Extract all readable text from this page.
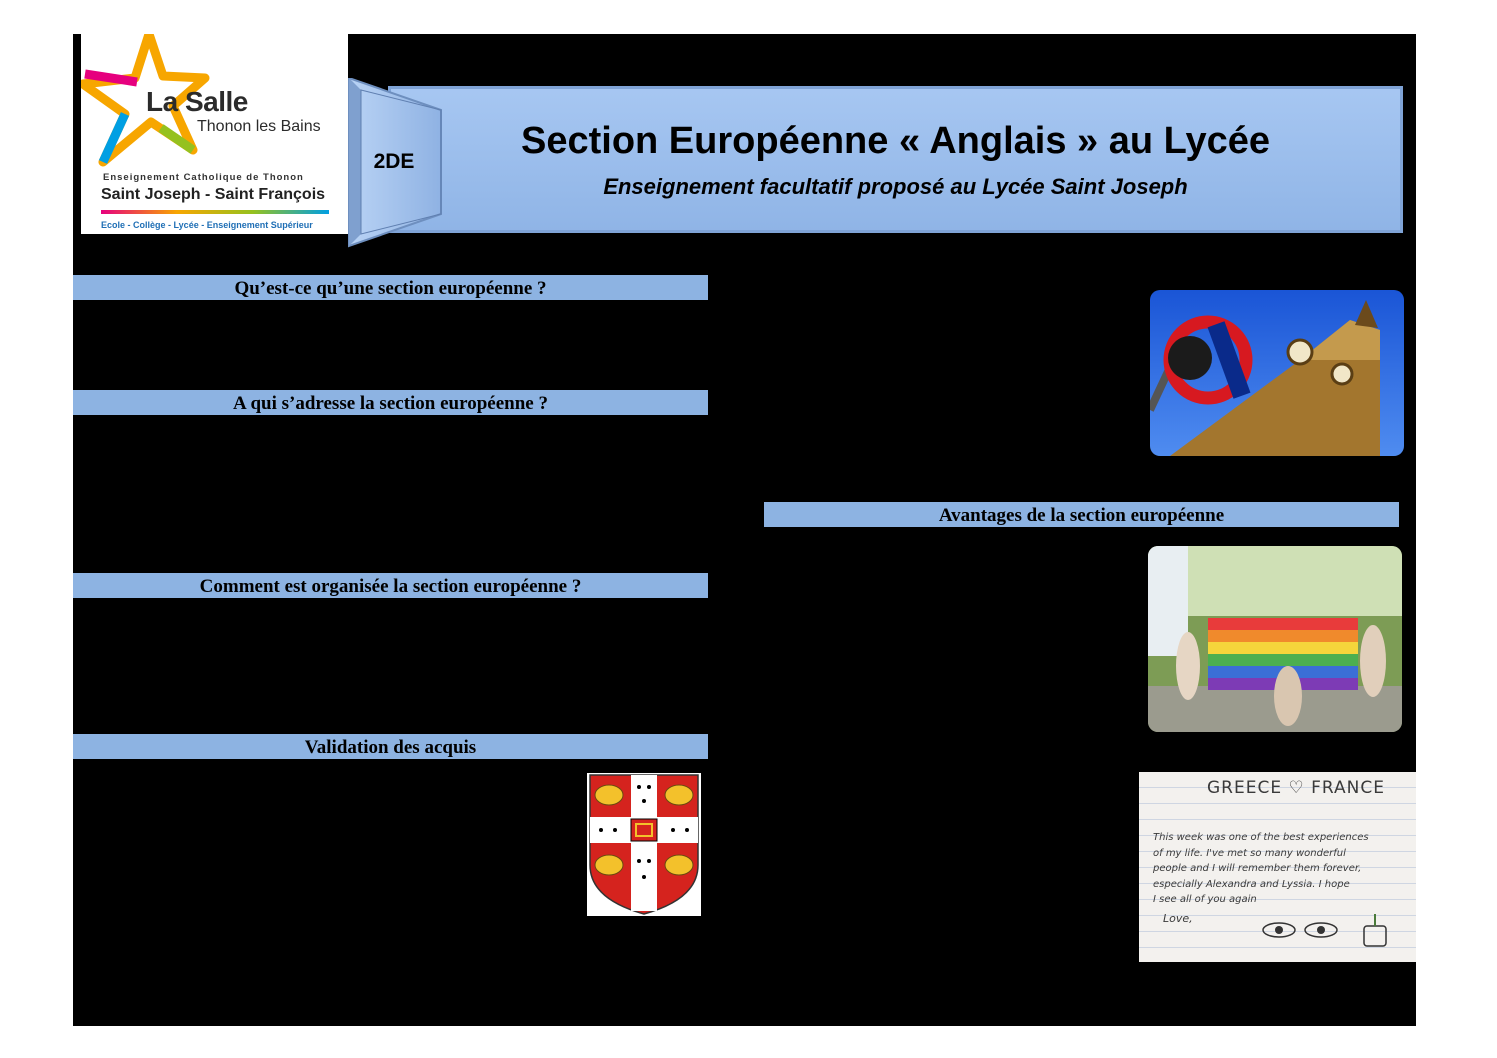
La Salle
Thonon les Bains
Enseignement Catholique de Thonon
Saint Joseph - Saint François
Ecole - Collège - Lycée - Enseignement Supérieur
Section Européenne « Anglais » au Lycée
Enseignement facultatif proposé au Lycée Saint Joseph
2DE
Qu’est-ce qu’une section européenne ?
A qui s’adresse la section européenne ?
Comment est organisée la section européenne ?
Validation des acquis
Avantages de la section européenne
GREECE ♡ FRANCE
This week was one of the best experiences
of my life. I've met so many wonderful
people and I will remember them forever,
especially Alexandra and Lyssia. I hope
I see all of you again
Love,
